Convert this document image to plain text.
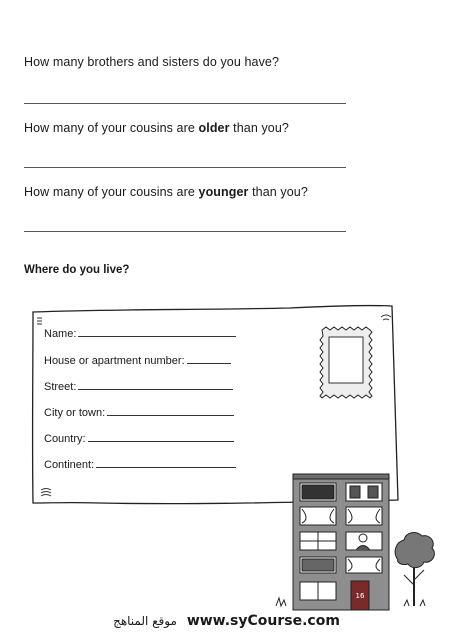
How many brothers and sisters do you have?
How many of your cousins are older than you?
How many of your cousins are younger than you?
Where do you live?
16
Name:
House or apartment number:
Street:
City or town:
Country:
Continent:
موقع المناهج www.syCourse.com
